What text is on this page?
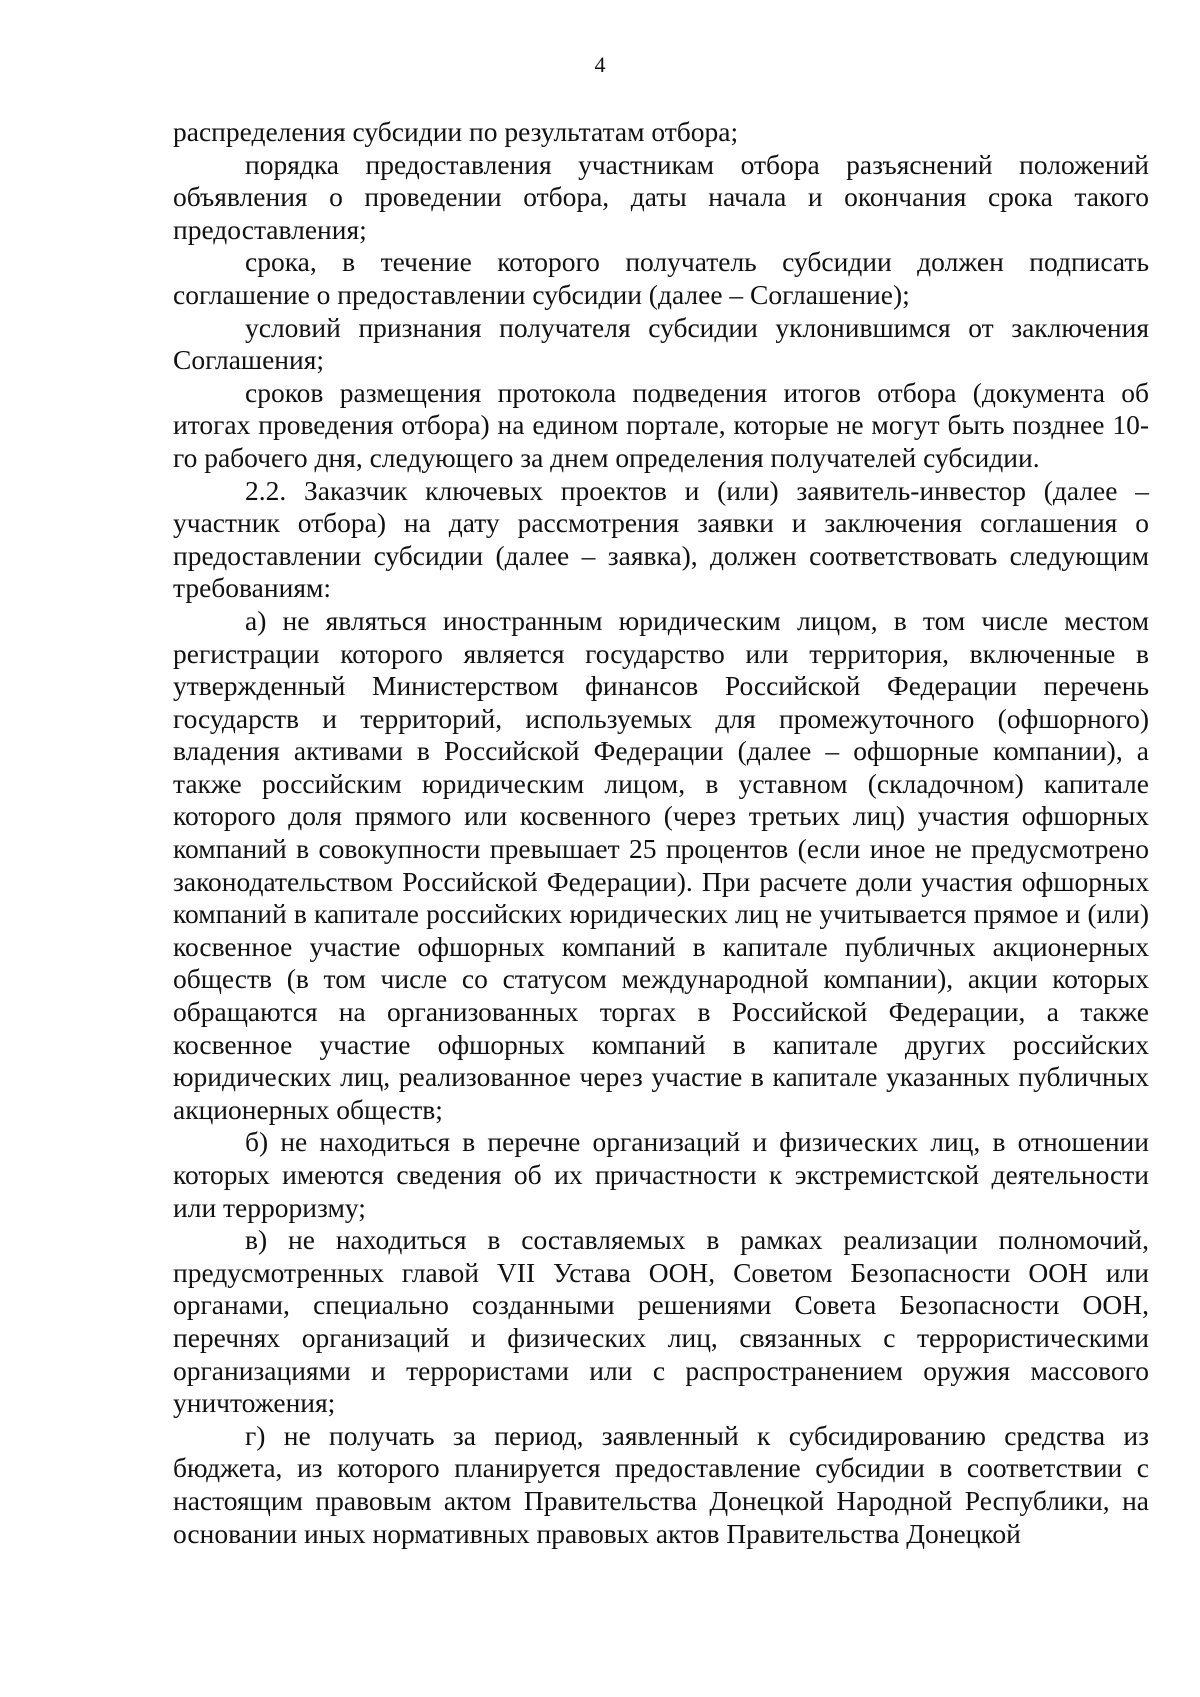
4

распределения субсидии по результатам отбора;

порядка предоставления участникам отбора разъяснений положений объявления о проведении отбора, даты начала и окончания срока такого предоставления;

срока, в течение которого получатель субсидии должен подписать соглашение о предоставлении субсидии (далее – Соглашение);

условий признания получателя субсидии уклонившимся от заключения Соглашения;

сроков размещения протокола подведения итогов отбора (документа об итогах проведения отбора) на едином портале, которые не могут быть позднее 10-го рабочего дня, следующего за днем определения получателей субсидии.

2.2. Заказчик ключевых проектов и (или) заявитель-инвестор (далее – участник отбора) на дату рассмотрения заявки и заключения соглашения о предоставлении субсидии (далее – заявка), должен соответствовать следующим требованиям:

а) не являться иностранным юридическим лицом, в том числе местом регистрации которого является государство или территория, включенные в утвержденный Министерством финансов Российской Федерации перечень государств и территорий, используемых для промежуточного (офшорного) владения активами в Российской Федерации (далее – офшорные компании), а также российским юридическим лицом, в уставном (складочном) капитале которого доля прямого или косвенного (через третьих лиц) участия офшорных компаний в совокупности превышает 25 процентов (если иное не предусмотрено законодательством Российской Федерации). При расчете доли участия офшорных компаний в капитале российских юридических лиц не учитывается прямое и (или) косвенное участие офшорных компаний в капитале публичных акционерных обществ (в том числе со статусом международной компании), акции которых обращаются на организованных торгах в Российской Федерации, а также косвенное участие офшорных компаний в капитале других российских юридических лиц, реализованное через участие в капитале указанных публичных акционерных обществ;

б) не находиться в перечне организаций и физических лиц, в отношении которых имеются сведения об их причастности к экстремистской деятельности или терроризму;

в) не находиться в составляемых в рамках реализации полномочий, предусмотренных главой VII Устава ООН, Советом Безопасности ООН или органами, специально созданными решениями Совета Безопасности ООН, перечнях организаций и физических лиц, связанных с террористическими организациями и террористами или с распространением оружия массового уничтожения;

г) не получать за период, заявленный к субсидированию средства из бюджета, из которого планируется предоставление субсидии в соответствии с настоящим правовым актом Правительства Донецкой Народной Республики, на основании иных нормативных правовых актов Правительства Донецкой
